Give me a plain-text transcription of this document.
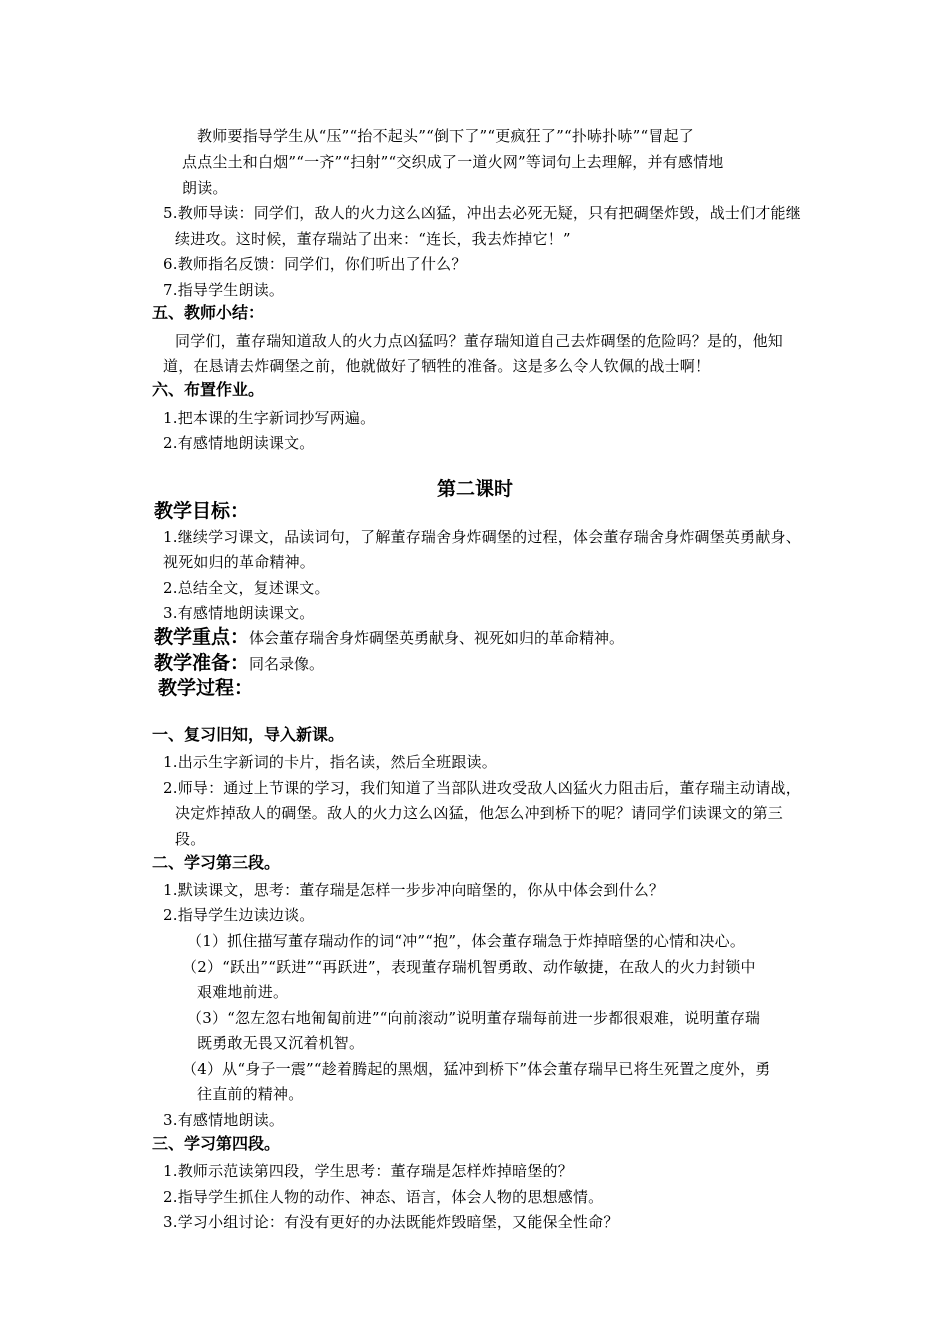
教师要指导学生从“压”“抬不起头”“倒下了”“更疯狂了”“扑哧扑哧”“冒起了
点点尘土和白烟”“一齐”“扫射”“交织成了一道火网”等词句上去理解，并有感情地
朗读。
5.教师导读：同学们，敌人的火力这么凶猛，冲出去必死无疑，只有把碉堡炸毁，战士们才能继
续进攻。这时候，董存瑞站了出来：“连长，我去炸掉它！”
6.教师指名反馈：同学们，你们听出了什么？
7.指导学生朗读。
五、教师小结：
同学们，董存瑞知道敌人的火力点凶猛吗？董存瑞知道自己去炸碉堡的危险吗？是的，他知
道，在恳请去炸碉堡之前，他就做好了牺牲的准备。这是多么令人钦佩的战士啊！
六、布置作业。
1.把本课的生字新词抄写两遍。
2.有感情地朗读课文。
第二课时
教学目标：
1.继续学习课文，品读词句，了解董存瑞舍身炸碉堡的过程，体会董存瑞舍身炸碉堡英勇献身、
视死如归的革命精神。
2.总结全文，复述课文。
3.有感情地朗读课文。
教学重点：体会董存瑞舍身炸碉堡英勇献身、视死如归的革命精神。
教学准备：同名录像。
教学过程：
一、复习旧知，导入新课。
1.出示生字新词的卡片，指名读，然后全班跟读。
2.师导：通过上节课的学习，我们知道了当部队进攻受敌人凶猛火力阻击后，董存瑞主动请战，
决定炸掉敌人的碉堡。敌人的火力这么凶猛，他怎么冲到桥下的呢？请同学们读课文的第三
段。
二、学习第三段。
1.默读课文，思考：董存瑞是怎样一步步冲向暗堡的，你从中体会到什么？
2.指导学生边读边谈。
（1）抓住描写董存瑞动作的词“冲”“抱”，体会董存瑞急于炸掉暗堡的心情和决心。
（2）“跃出”“跃进”“再跃进”，表现董存瑞机智勇敢、动作敏捷，在敌人的火力封锁中
艰难地前进。
（3）“忽左忽右地匍匐前进”“向前滚动”说明董存瑞每前进一步都很艰难，说明董存瑞
既勇敢无畏又沉着机智。
（4）从“身子一震”“趁着腾起的黑烟，猛冲到桥下”体会董存瑞早已将生死置之度外，勇
往直前的精神。
3.有感情地朗读。
三、学习第四段。
1.教师示范读第四段，学生思考：董存瑞是怎样炸掉暗堡的？
2.指导学生抓住人物的动作、神态、语言，体会人物的思想感情。
3.学习小组讨论：有没有更好的办法既能炸毁暗堡，又能保全性命？
